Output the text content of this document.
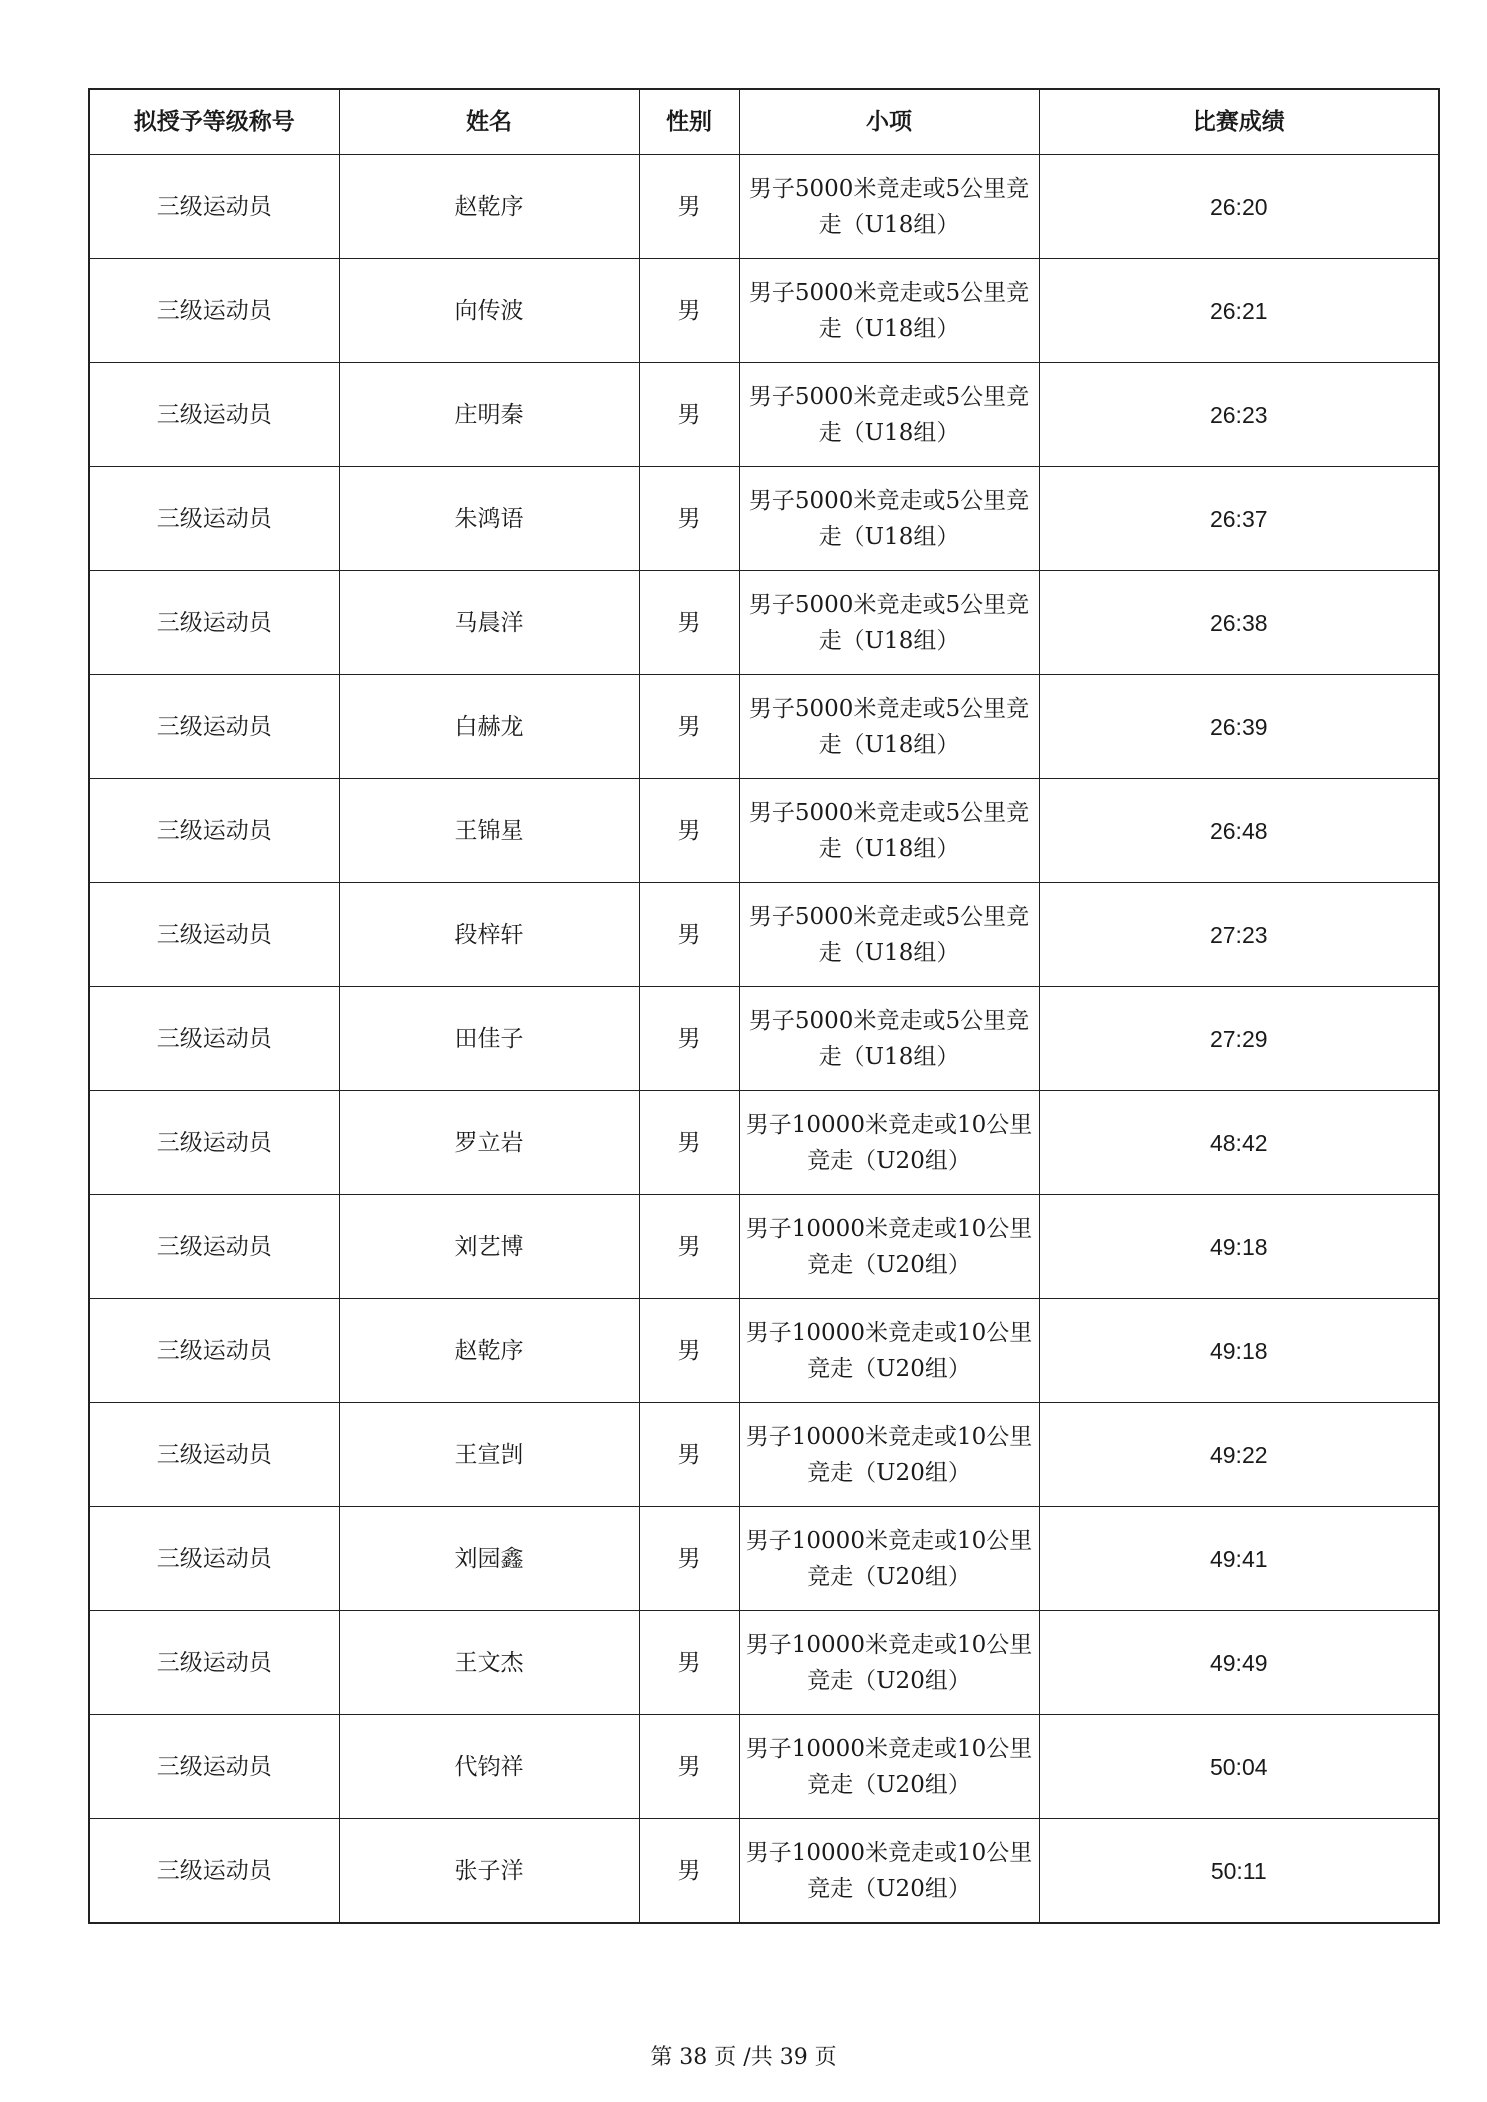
拟授予等级称号	姓名	性别	小项	比赛成绩
三级运动员	赵乾序	男	男子5000米竞走或5公里竞
走（U18组）	26:20
三级运动员	向传波	男	男子5000米竞走或5公里竞
走（U18组）	26:21
三级运动员	庄明秦	男	男子5000米竞走或5公里竞
走（U18组）	26:23
三级运动员	朱鸿语	男	男子5000米竞走或5公里竞
走（U18组）	26:37
三级运动员	马晨洋	男	男子5000米竞走或5公里竞
走（U18组）	26:38
三级运动员	白赫龙	男	男子5000米竞走或5公里竞
走（U18组）	26:39
三级运动员	王锦星	男	男子5000米竞走或5公里竞
走（U18组）	26:48
三级运动员	段梓轩	男	男子5000米竞走或5公里竞
走（U18组）	27:23
三级运动员	田佳子	男	男子5000米竞走或5公里竞
走（U18组）	27:29
三级运动员	罗立岩	男	男子10000米竞走或10公里
竞走（U20组）	48:42
三级运动员	刘艺博	男	男子10000米竞走或10公里
竞走（U20组）	49:18
三级运动员	赵乾序	男	男子10000米竞走或10公里
竞走（U20组）	49:18
三级运动员	王宣剀	男	男子10000米竞走或10公里
竞走（U20组）	49:22
三级运动员	刘园鑫	男	男子10000米竞走或10公里
竞走（U20组）	49:41
三级运动员	王文杰	男	男子10000米竞走或10公里
竞走（U20组）	49:49
三级运动员	代钧祥	男	男子10000米竞走或10公里
竞走（U20组）	50:04
三级运动员	张子洋	男	男子10000米竞走或10公里
竞走（U20组）	50:11
第 38 页 /共 39 页
